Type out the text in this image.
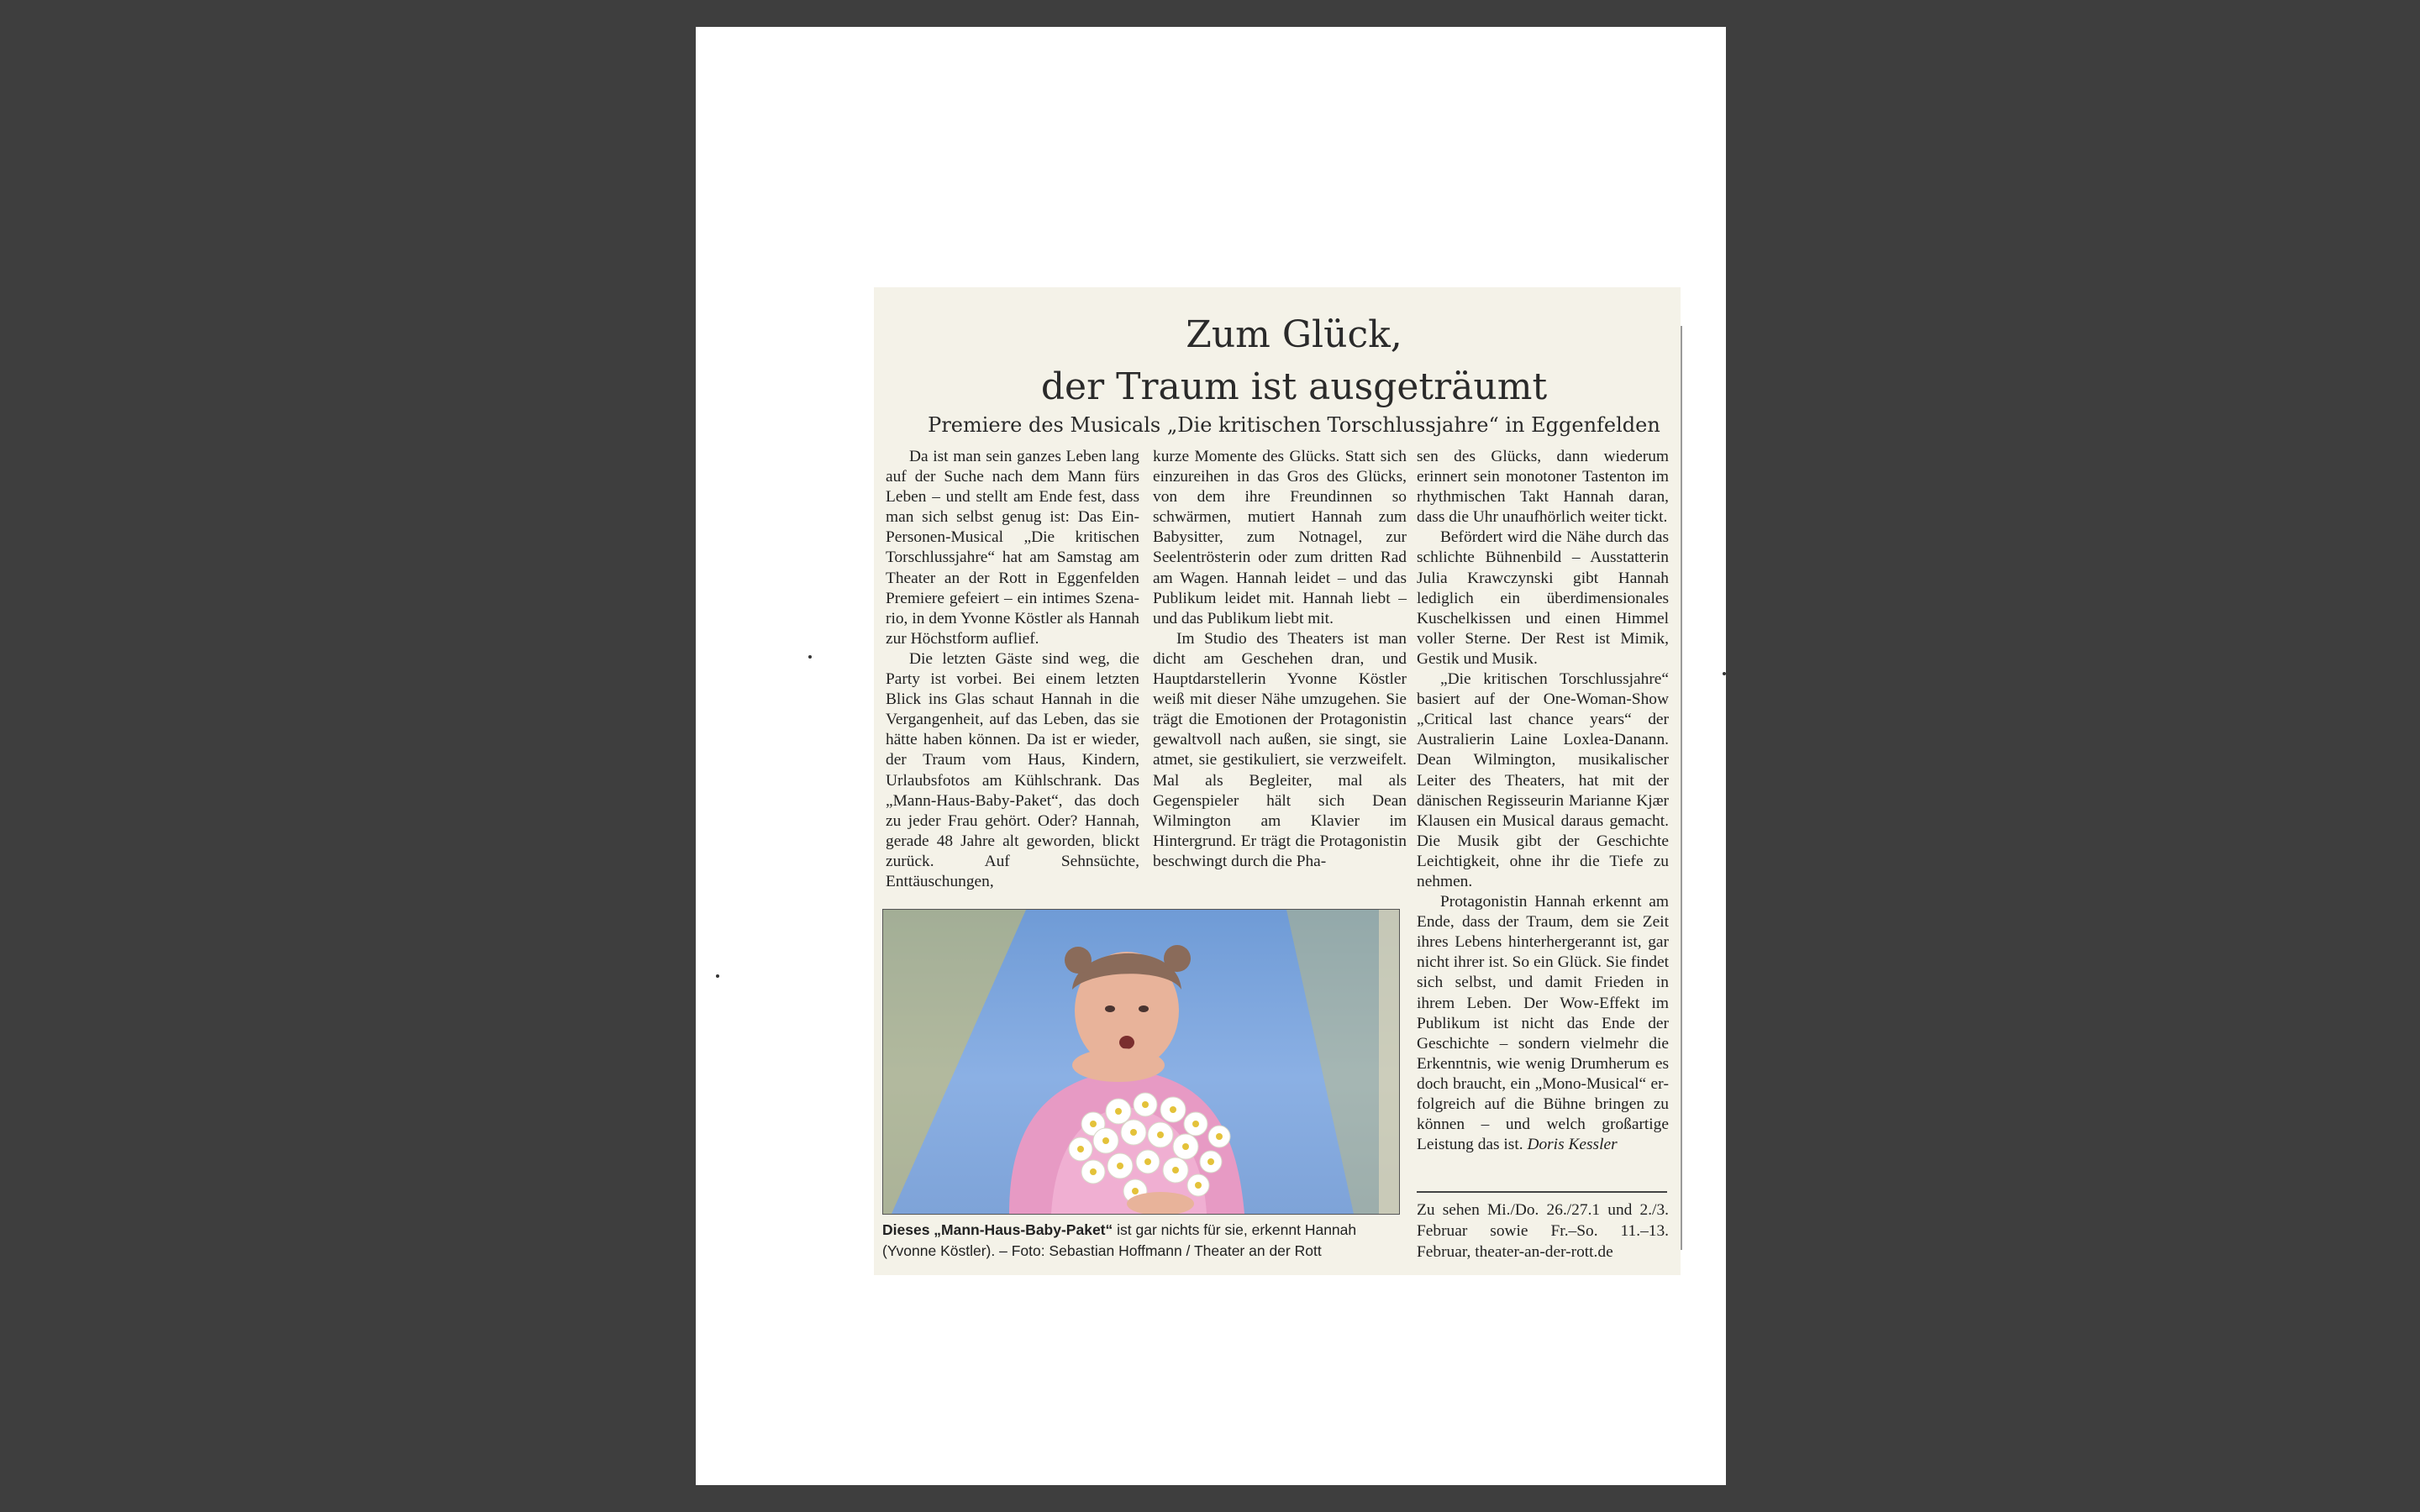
Zum Glück,
der Traum ist ausgeträumt
Premiere des Musicals „Die kritischen Torschlussjahre“ in Eggenfelden

Da ist man sein ganzes Leben lang auf der Suche nach dem Mann fürs Leben – und stellt am Ende fest, dass man sich selbst genug ist: Das Ein-Personen-Musical „Die kritischen Torschlussjahre“ hat am Samstag am Theater an der Rott in Eggenfelden Premiere gefeiert – ein intimes Szenario, in dem Yvonne Köstler als Hannah zur Höchstform auflief.

Die letzten Gäste sind weg, die Party ist vorbei. Bei einem letzten Blick ins Glas schaut Hannah in die Vergangenheit, auf das Leben, das sie hätte haben können. Da ist er wieder, der Traum vom Haus, Kindern, Urlaubsfotos am Kühlschrank. Das „Mann-Haus-Baby-Paket“, das doch zu jeder Frau gehört. Oder? Hannah, gerade 48 Jahre alt geworden, blickt zurück. Auf Sehnsüchte, Enttäuschungen,

kurze Momente des Glücks. Statt sich einzureihen in das Gros des Glücks, von dem ihre Freundinnen so schwärmen, mutiert Hannah zum Babysitter, zum Notnagel, zur Seelentrösterin oder zum dritten Rad am Wagen. Hannah leidet – und das Publikum leidet mit. Hannah liebt – und das Publikum liebt mit.

Im Studio des Theaters ist man dicht am Geschehen dran, und Hauptdarstellerin Yvonne Köstler weiß mit dieser Nähe umzugehen. Sie trägt die Emotionen der Protagonistin gewaltvoll nach außen, sie singt, sie atmet, sie gestikuliert, sie verzweifelt. Mal als Begleiter, mal als Gegenspieler hält sich Dean Wilmington am Klavier im Hintergrund. Er trägt die Protagonistin beschwingt durch die Pha-

sen des Glücks, dann wiederum erinnert sein monotoner Tastenton im rhythmischen Takt Hannah daran, dass die Uhr unaufhörlich weiter tickt.

Befördert wird die Nähe durch das schlichte Bühnenbild – Ausstatterin Julia Krawczynski gibt Hannah lediglich ein überdimensionales Kuschelkissen und einen Himmel voller Sterne. Der Rest ist Mimik, Gestik und Musik.

„Die kritischen Torschlussjahre“ basiert auf der One-Woman-Show „Critical last chance years“ der Australierin Laine Loxlea-Danann. Dean Wilmington, musikalischer Leiter des Theaters, hat mit der dänischen Regisseurin Marianne Kjær Klausen ein Musical daraus gemacht. Die Musik gibt der Geschichte Leichtigkeit, ohne ihr die Tiefe zu nehmen.

Protagonistin Hannah erkennt am Ende, dass der Traum, dem sie Zeit ihres Lebens hinterhergerannt ist, gar nicht ihrer ist. So ein Glück. Sie findet sich selbst, und damit Frieden in ihrem Leben. Der Wow-Effekt im Publikum ist nicht das Ende der Geschichte – sondern vielmehr die Erkenntnis, wie wenig Drumherum es doch braucht, ein „Mono-Musical“ erfolgreich auf die Bühne bringen zu können – und welch großartige Leistung das ist. Doris Kessler

Dieses „Mann-Haus-Baby-Paket“ ist gar nichts für sie, erkennt Hannah (Yvonne Köstler). – Foto: Sebastian Hoffmann / Theater an der Rott
Zu sehen Mi./Do. 26./27.1 und 2./3. Februar sowie Fr.–So. 11.–13. Februar, theater-an-der-rott.de
